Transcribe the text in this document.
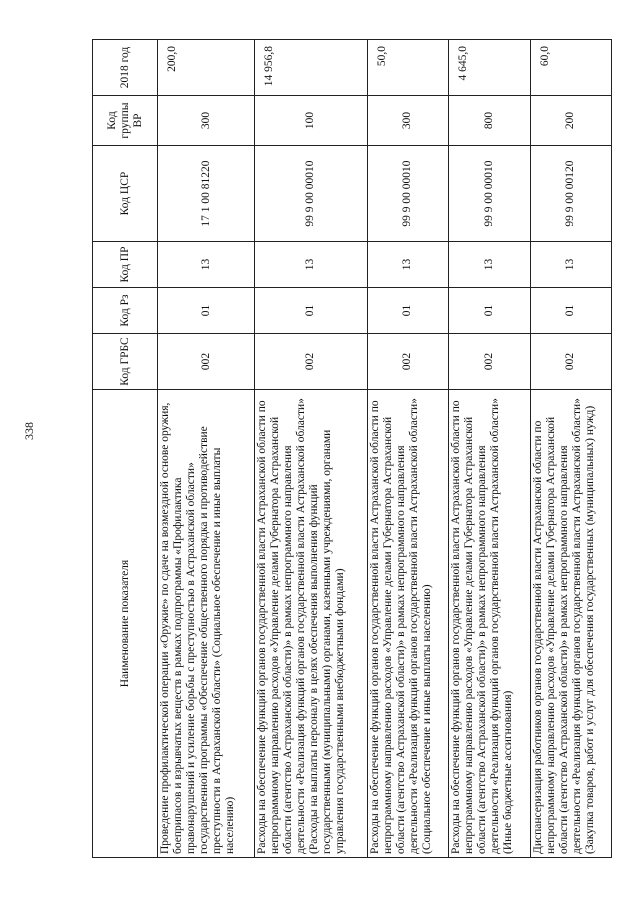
338
Наименование показателя	Код ГРБС	Код Рз	Код ПР	Код ЦСР	Код группы ВР	2018 год
Проведение профилактической операции «Оружие» по сдаче на возмездной основе оружия, боеприпасов и взрывчатых веществ в рамках подпрограммы «Профилактика правонарушений и усиление борьбы с преступностью в Астраханской области» государственной программы «Обеспечение общественного порядка и противодействие преступности в Астраханской области» (Социальное обеспечение и иные выплаты населению)	002	01	13	17 1 00 81220	300	200,0
Расходы на обеспечение функций органов государственной власти Астраханской области по непрограммному направлению расходов «Управление делами Губернатора Астраханской области (агентство Астраханской области)» в рамках непрограммного направления деятельности «Реализация функций органов государственной власти Астраханской области» (Расходы на выплаты персоналу в целях обеспечения выполнения функций государственными (муниципальными) органами, казенными учреждениями, органами управления государственными внебюджетными фондами)	002	01	13	99 9 00 00010	100	14 956,8
Расходы на обеспечение функций органов государственной власти Астраханской области по непрограммному направлению расходов «Управление делами Губернатора Астраханской области (агентство Астраханской области)» в рамках непрограммного направления деятельности «Реализация функций органов государственной власти Астраханской области» (Социальное обеспечение и иные выплаты населению)	002	01	13	99 9 00 00010	300	50,0
Расходы на обеспечение функций органов государственной власти Астраханской области по непрограммному направлению расходов «Управление делами Губернатора Астраханской области (агентство Астраханской области)» в рамках непрограммного направления деятельности «Реализация функций органов государственной власти Астраханской области» (Иные бюджетные ассигнования)	002	01	13	99 9 00 00010	800	4 645,0
Диспансеризация работников органов государственной власти Астраханской области по непрограммному направлению расходов «Управление делами Губернатора Астраханской области (агентство Астраханской области)» в рамках непрограммного направления деятельности «Реализация функций органов государственной власти Астраханской области» (Закупка товаров, работ и услуг для обеспечения государственных (муниципальных) нужд)	002	01	13	99 9 00 00120	200	60,0
